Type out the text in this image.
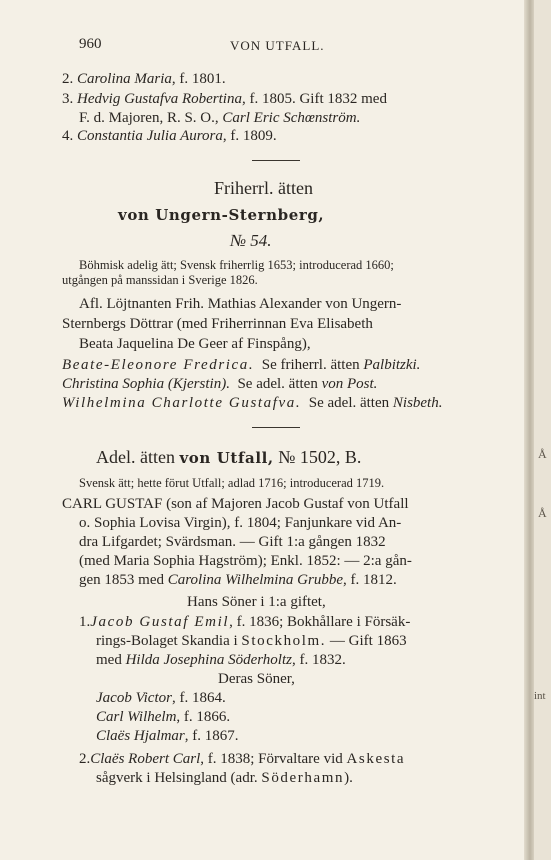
960	VON UTFALL.
2. Carolina Maria, f. 1801.
3. Hedvig Gustafva Robertina, f. 1805. Gift 1832 med
F. d. Majoren, R. S. O., Carl Eric Schœnström.
4. Constantia Julia Aurora, f. 1809.
Friherrl. ätten
von Ungern-Sternberg,
№ 54.
Böhmisk adelig ätt; Svensk friherrlig 1653; introducerad 1660;
utgången på manssidan i Sverige 1826.
Afl. Löjtnanten Frih. Mathias Alexander von Ungern-
Sternbergs Döttrar (med Friherrinnan Eva Elisabeth
Beata Jaquelina De Geer af Finspång),
Beate-Eleonore Fredrica. Se friherrl. ätten Palbitzki.
Christina Sophia (Kjerstin). Se adel. ätten von Post.
Wilhelmina Charlotte Gustafva. Se adel. ätten Nisbeth.
Adel. ätten von Utfall, № 1502, B.
Svensk ätt; hette förut Utfall; adlad 1716; introducerad 1719.
CARL GUSTAF (son af Majoren Jacob Gustaf von Utfall
o. Sophia Lovisa Virgin), f. 1804; Fanjunkare vid An-
dra Lifgardet; Svärdsman. — Gift 1:a gången 1832
(med Maria Sophia Hagström); Enkl. 1852: — 2:a gån-
gen 1853 med Carolina Wilhelmina Grubbe, f. 1812.
Hans Söner i 1:a giftet,
1.Jacob Gustaf Emil, f. 1836; Bokhållare i Försäk-
rings-Bolaget Skandia i Stockholm. — Gift 1863
med Hilda Josephina Söderholtz, f. 1832.
Deras Söner,
Jacob Victor, f. 1864.
Carl Wilhelm, f. 1866.
Claës Hjalmar, f. 1867.
2.Claës Robert Carl, f. 1838; Förvaltare vid Askesta
sågverk i Helsingland (adr. Söderhamn).
Å
Å
int
